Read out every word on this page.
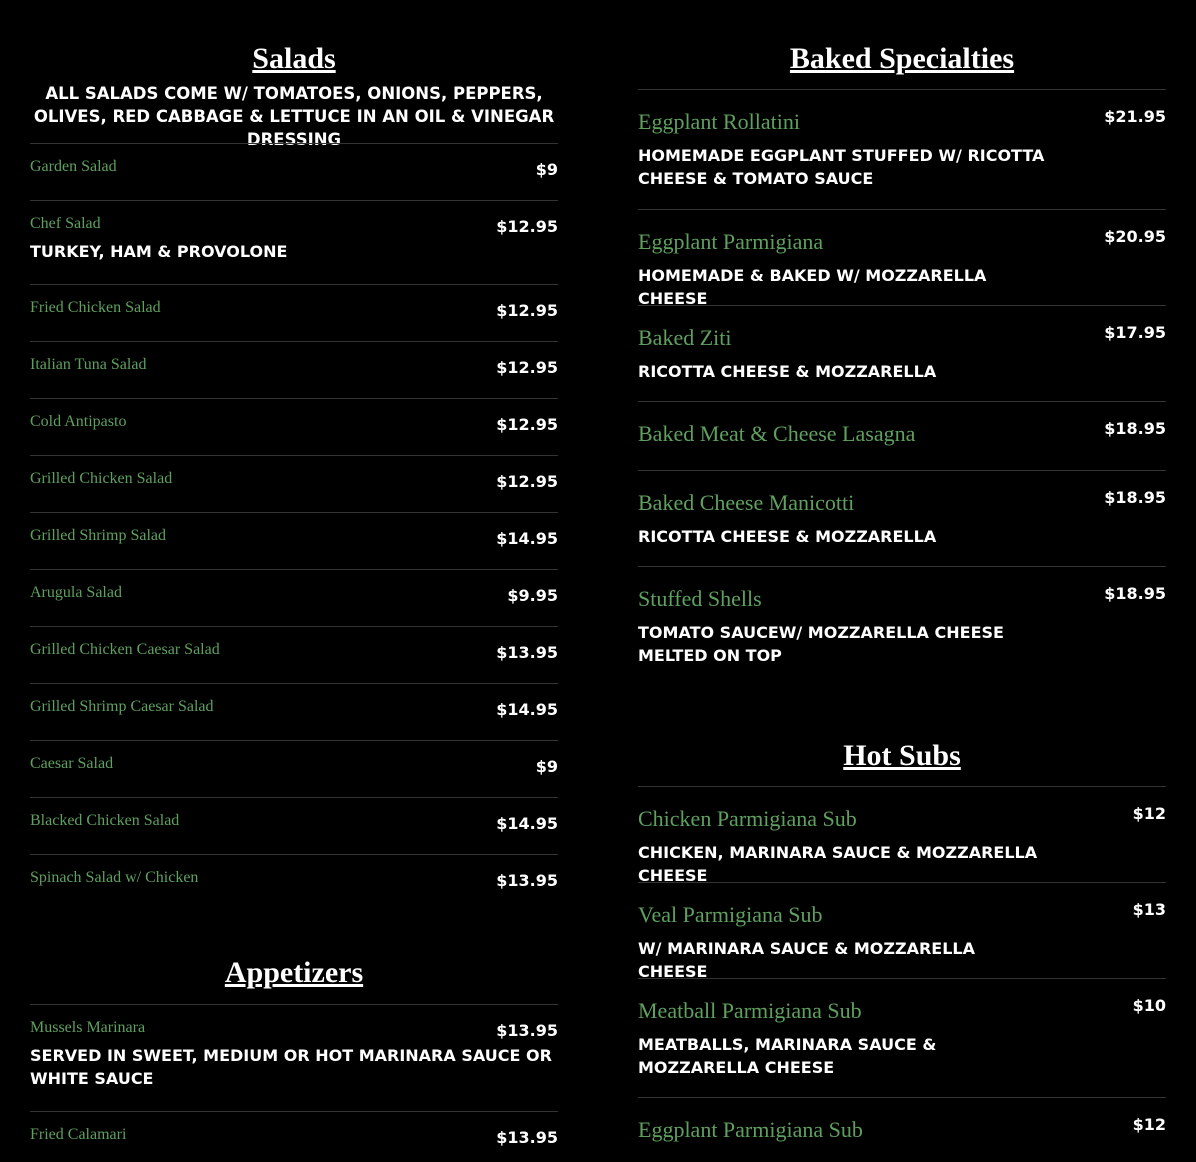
Salads

ALL SALADS COME W/ TOMATOES, ONIONS, PEPPERS, OLIVES, RED CABBAGE & LETTUCE IN AN OIL & VINEGAR DRESSING

Garden Salad	$9
Chef Salad	$12.95
TURKEY, HAM & PROVOLONE
Fried Chicken Salad	$12.95
Italian Tuna Salad	$12.95
Cold Antipasto	$12.95
Grilled Chicken Salad	$12.95
Grilled Shrimp Salad	$14.95
Arugula Salad	$9.95
Grilled Chicken Caesar Salad	$13.95
Grilled Shrimp Caesar Salad	$14.95
Caesar Salad	$9
Blacked Chicken Salad	$14.95
Spinach Salad w/ Chicken	$13.95
Appetizers
Mussels Marinara	$13.95
SERVED IN SWEET, MEDIUM OR HOT MARINARA SAUCE OR WHITE SAUCE
Fried Calamari	$13.95
Baked Specialties
Eggplant Rollatini	$21.95
HOMEMADE EGGPLANT STUFFED W/ RICOTTA CHEESE & TOMATO SAUCE
Eggplant Parmigiana	$20.95
HOMEMADE & BAKED W/ MOZZARELLA CHEESE
Baked Ziti	$17.95
RICOTTA CHEESE & MOZZARELLA
Baked Meat & Cheese Lasagna	$18.95
Baked Cheese Manicotti	$18.95
RICOTTA CHEESE & MOZZARELLA
Stuffed Shells	$18.95
TOMATO SAUCEW/ MOZZARELLA CHEESE MELTED ON TOP
Hot Subs
Chicken Parmigiana Sub	$12
CHICKEN, MARINARA SAUCE & MOZZARELLA CHEESE
Veal Parmigiana Sub	$13
W/ MARINARA SAUCE & MOZZARELLA CHEESE
Meatball Parmigiana Sub	$10
MEATBALLS, MARINARA SAUCE & MOZZARELLA CHEESE
Eggplant Parmigiana Sub	$12
